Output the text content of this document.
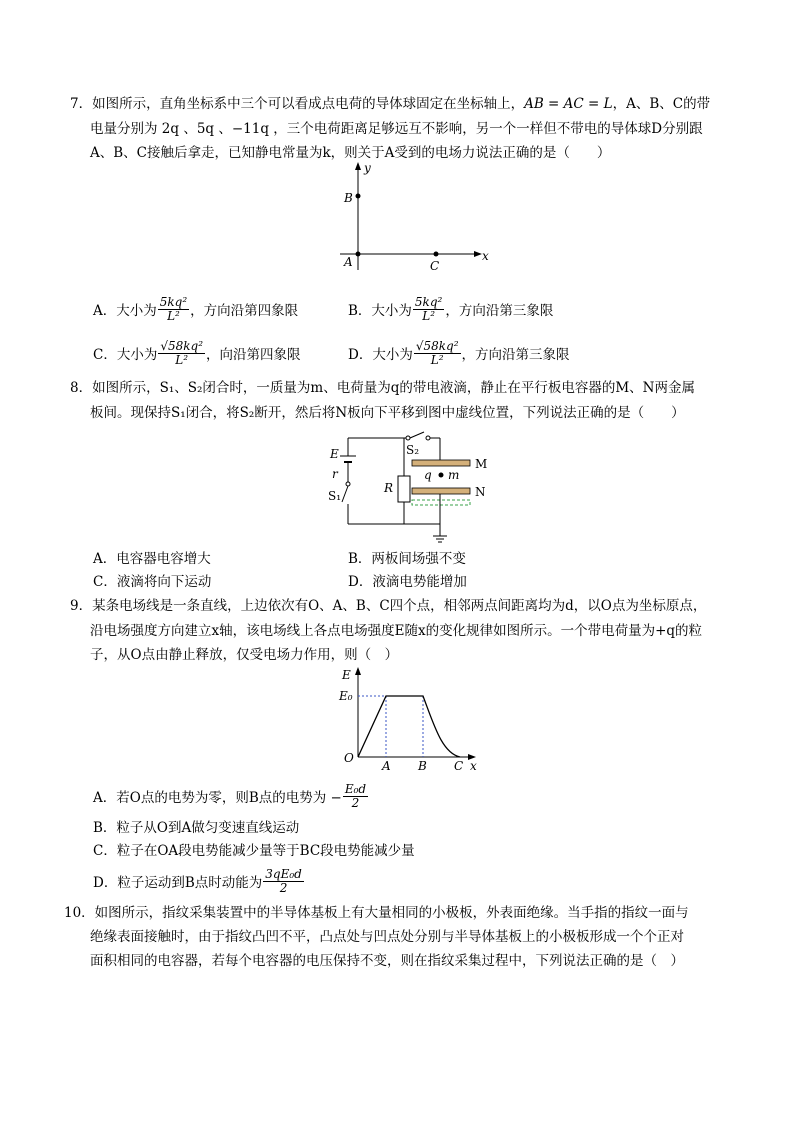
7．如图所示，直角坐标系中三个可以看成点电荷的导体球固定在坐标轴上，AB = AC = L，A、B、C的带
电量分别为 2q 、5q 、−11q ，三个电荷距离足够远互不影响，另一个一样但不带电的导体球D分别跟
A、B、C接触后拿走，已知静电常量为k，则关于A受到的电场力说法正确的是（　　）
y
x
B
A	C
A．大小为 $\frac{\text{5kq²}}{\text{L²}}$ ，方向沿第四象限	B．大小为 $\frac{\text{5kq²}}{\text{L²}}$ ，方向沿第三象限
C．大小为 $\frac{\text{√58kq²}}{\text{L²}}$ ，向沿第四象限	D．大小为 $\frac{\text{√58kq²}}{\text{L²}}$ ，方向沿第三象限
8．如图所示，S₁、S₂闭合时，一质量为m、电荷量为q的带电液滴，静止在平行板电容器的M、N两金属
板间。现保持S₁闭合，将S₂断开，然后将N板向下平移到图中虚线位置，下列说法正确的是（　　）
E
r
S₁
R
S₂
q m
M
N
A．电容器电容增大	B．两板间场强不变
C．液滴将向下运动	D．液滴电势能增加
9．某条电场线是一条直线，上边依次有O、A、B、C四个点，相邻两点间距离均为d，以O点为坐标原点，
沿电场强度方向建立x轴，该电场线上各点电场强度E随x的变化规律如图所示。一个带电荷量为+q的粒
子，从O点由静止释放，仅受电场力作用，则（　）
E
E₀
O
A B C x
A．若O点的电势为零，则B点的电势为 − $\frac{\text{E₀d}}{2}$
B．粒子从O到A做匀变速直线运动
C．粒子在OA段电势能减少量等于BC段电势能减少量
D．粒子运动到B点时动能为 $\frac{\text{3qE₀d}}{2}$
10．如图所示，指纹采集装置中的半导体基板上有大量相同的小极板，外表面绝缘。当手指的指纹一面与
绝缘表面接触时，由于指纹凸凹不平，凸点处与凹点处分别与半导体基板上的小极板形成一个个正对
面积相同的电容器，若每个电容器的电压保持不变，则在指纹采集过程中，下列说法正确的是（　）
